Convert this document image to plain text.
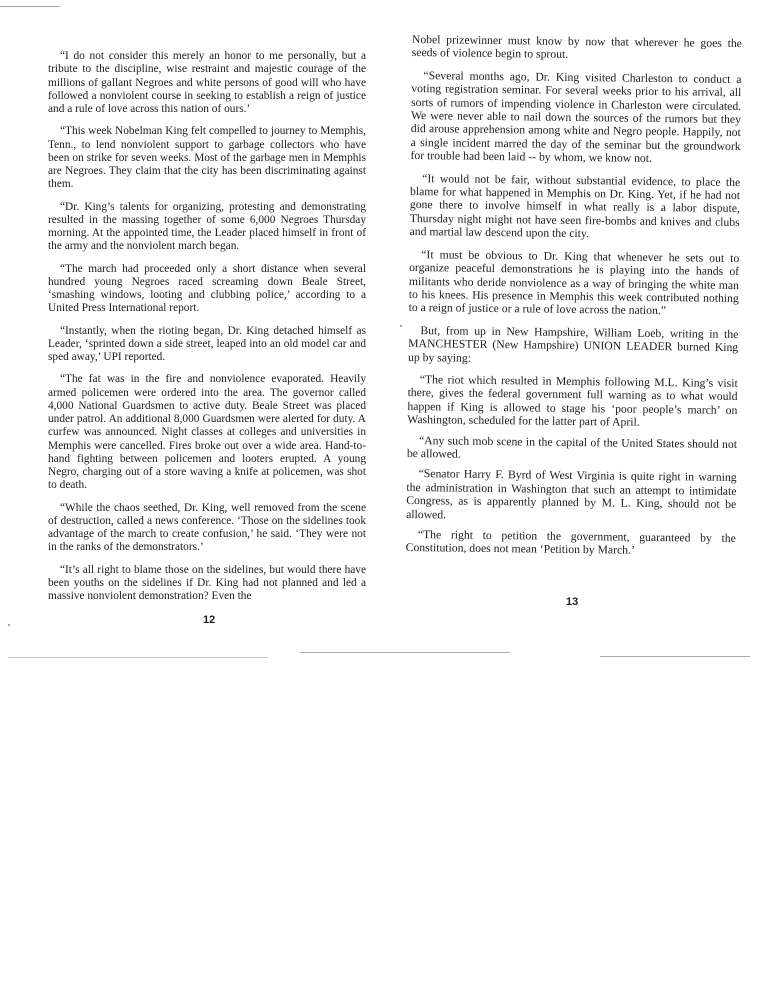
“I do not consider this merely an honor to me personally, but a tribute to the discipline, wise restraint and majestic courage of the millions of gallant Negroes and white persons of good will who have followed a nonviolent course in seeking to establish a reign of justice and a rule of love across this nation of ours.’

“This week Nobelman King felt compelled to journey to Memphis, Tenn., to lend nonviolent support to garbage collectors who have been on strike for seven weeks. Most of the garbage men in Memphis are Negroes. They claim that the city has been discriminating against them.

“Dr. King’s talents for organizing, protesting and demonstrating resulted in the massing together of some 6,000 Negroes Thursday morning. At the appointed time, the Leader placed himself in front of the army and the nonviolent march began.

“The march had proceeded only a short distance when several hundred young Negroes raced screaming down Beale Street, ‘smashing windows, looting and clubbing police,’ according to a United Press International report.

“Instantly, when the rioting began, Dr. King detached himself as Leader, ‘sprinted down a side street, leaped into an old model car and sped away,’ UPI reported.

“The fat was in the fire and nonviolence evaporated. Heavily armed policemen were ordered into the area. The governor called 4,000 National Guardsmen to active duty. Beale Street was placed under patrol. An additional 8,000 Guardsmen were alerted for duty. A curfew was announced. Night classes at colleges and universities in Memphis were cancelled. Fires broke out over a wide area. Hand-to-hand fighting between policemen and looters erupted. A young Negro, charging out of a store waving a knife at policemen, was shot to death.

“While the chaos seethed, Dr. King, well removed from the scene of destruction, called a news conference. ‘Those on the sidelines took advantage of the march to create confusion,’ he said. ‘They were not in the ranks of the demonstrators.’

“It’s all right to blame those on the sidelines, but would there have been youths on the sidelines if Dr. King had not planned and led a massive nonviolent demonstration? Even the

12

Nobel prizewinner must know by now that wherever he goes the seeds of violence begin to sprout.

“Several months ago, Dr. King visited Charleston to conduct a voting registration seminar. For several weeks prior to his arrival, all sorts of rumors of impending violence in Charleston were circulated. We were never able to nail down the sources of the rumors but they did arouse apprehension among white and Negro people. Happily, not a single incident marred the day of the seminar but the groundwork for trouble had been laid -- by whom, we know not.

“It would not be fair, without substantial evidence, to place the blame for what happened in Memphis on Dr. King. Yet, if he had not gone there to involve himself in what really is a labor dispute, Thursday night might not have seen fire-bombs and knives and clubs and martial law descend upon the city.

“It must be obvious to Dr. King that whenever he sets out to organize peaceful demonstrations he is playing into the hands of militants who deride nonviolence as a way of bringing the white man to his knees. His presence in Memphis this week contributed nothing to a reign of justice or a rule of love across the nation.”

But, from up in New Hampshire, William Loeb, writing in the MANCHESTER (New Hampshire) UNION LEADER burned King up by saying:

“The riot which resulted in Memphis following M.L. King’s visit there, gives the federal government full warning as to what would happen if King is allowed to stage his ‘poor people’s march’ on Washington, scheduled for the latter part of April.

“Any such mob scene in the capital of the United States should not be allowed.

“Senator Harry F. Byrd of West Virginia is quite right in warning the administration in Washington that such an attempt to intimidate Congress, as is apparently planned by M. L. King, should not be allowed.

“The right to petition the government, guaranteed by the Constitution, does not mean ‘Petition by March.’

13
